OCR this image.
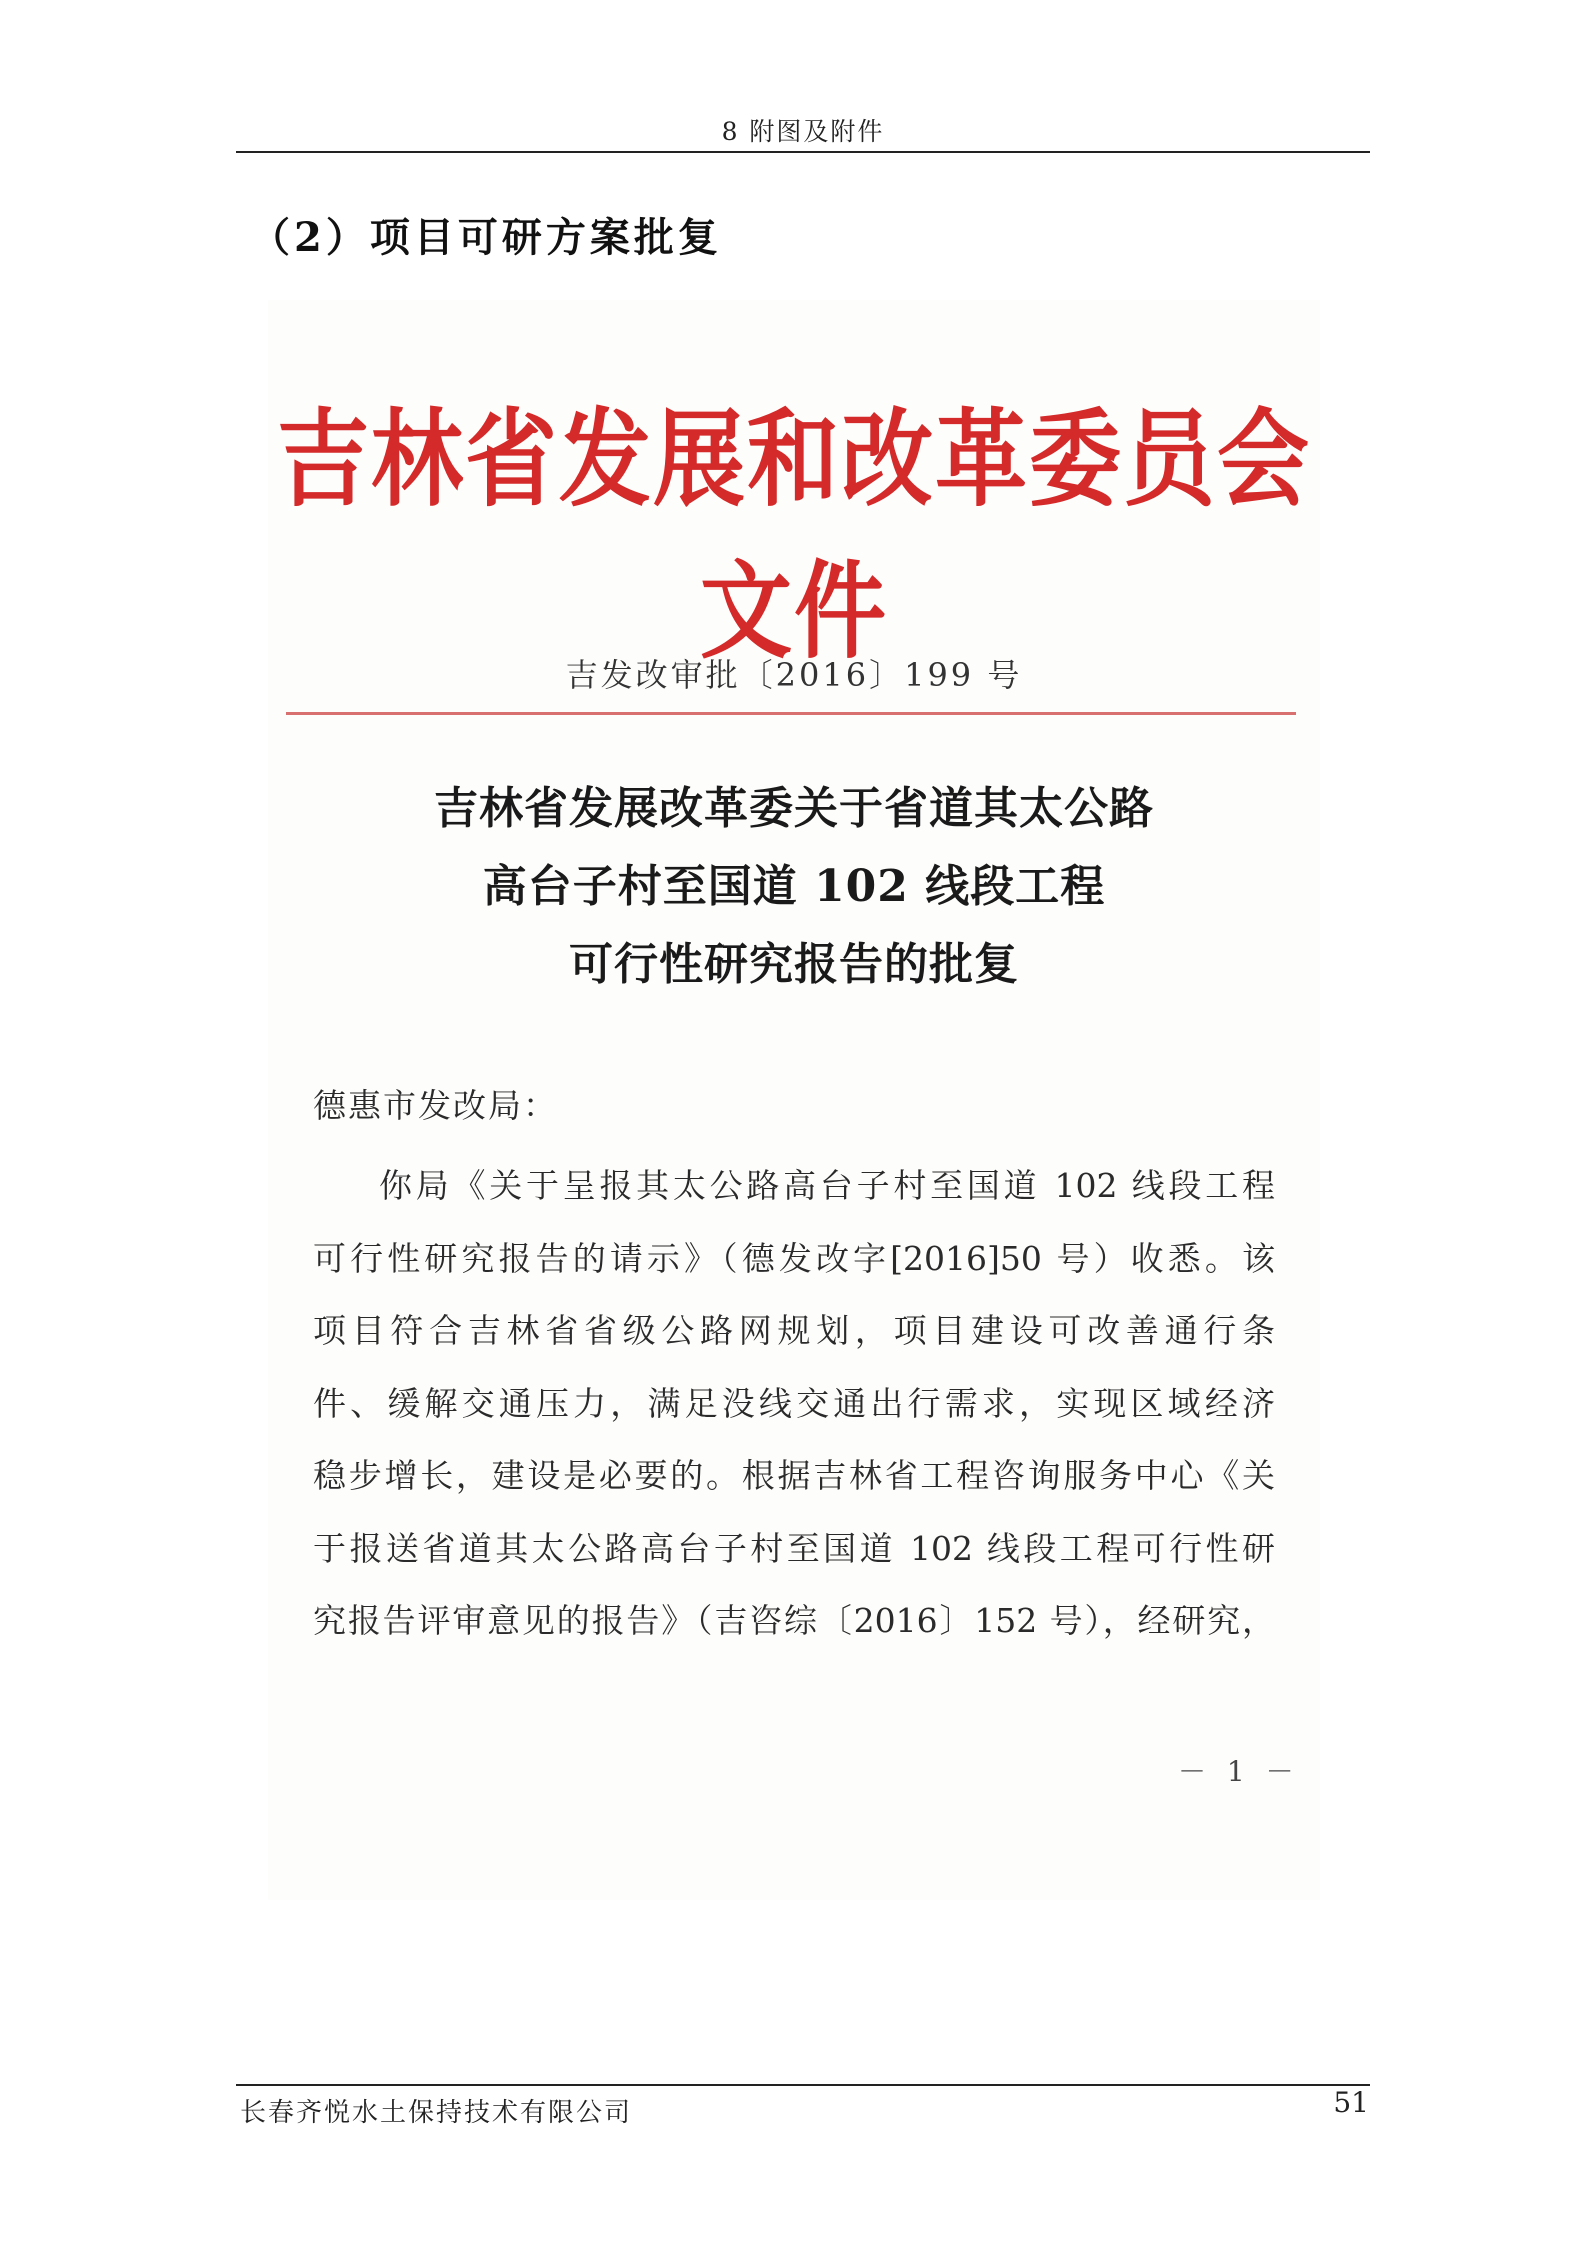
8 附图及附件
（2）项目可研方案批复
吉林省发展和改革委员会文件
吉发改审批〔2016〕199 号
吉林省发展改革委关于省道其太公路
高台子村至国道 102 线段工程
可行性研究报告的批复
德惠市发改局：
你局《关于呈报其太公路高台子村至国道 102 线段工程
可行性研究报告的请示》（德发改字[2016]50 号）收悉。该
项目符合吉林省省级公路网规划，项目建设可改善通行条
件、缓解交通压力，满足没线交通出行需求，实现区域经济
稳步增长，建设是必要的。根据吉林省工程咨询服务中心《关
于报送省道其太公路高台子村至国道 102 线段工程可行性研
究报告评审意见的报告》（吉咨综〔2016〕152 号），经研究，
－ 1 －
长春齐悦水土保持技术有限公司	51
